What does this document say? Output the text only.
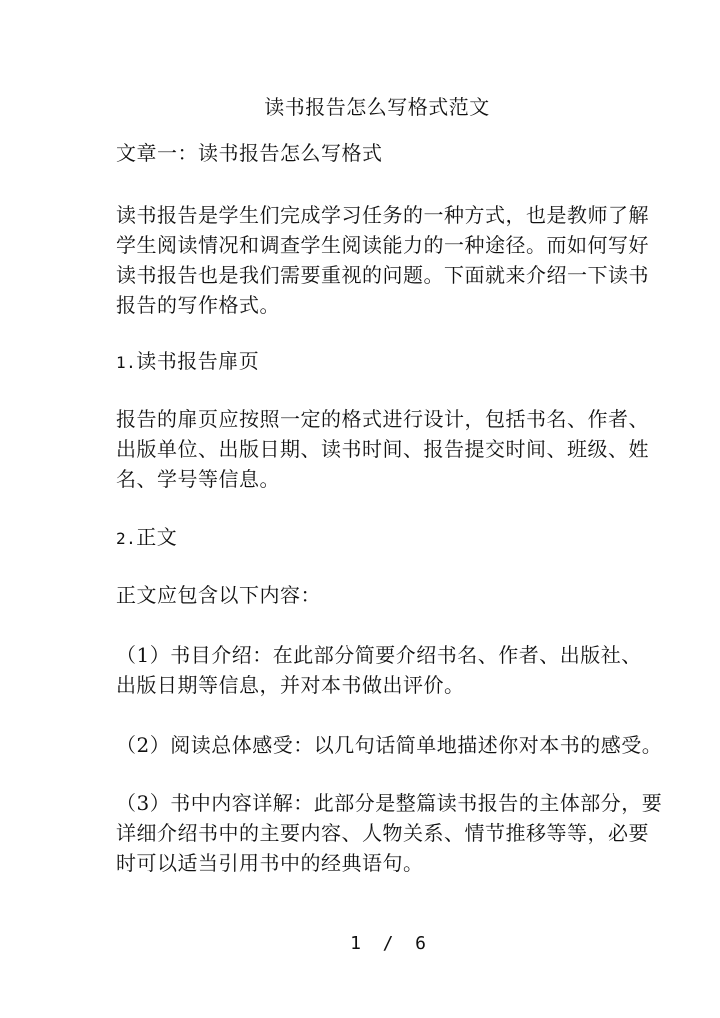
读书报告怎么写格式范文
文章一：读书报告怎么写格式
读书报告是学生们完成学习任务的一种方式，也是教师了解
学生阅读情况和调查学生阅读能力的一种途径。而如何写好
读书报告也是我们需要重视的问题。下面就来介绍一下读书
报告的写作格式。
1.读书报告扉页
报告的扉页应按照一定的格式进行设计，包括书名、作者、
出版单位、出版日期、读书时间、报告提交时间、班级、姓
名、学号等信息。
2.正文
正文应包含以下内容：
（1）书目介绍：在此部分简要介绍书名、作者、出版社、
出版日期等信息，并对本书做出评价。
（2）阅读总体感受：以几句话简单地描述你对本书的感受。
（3）书中内容详解：此部分是整篇读书报告的主体部分，要
详细介绍书中的主要内容、人物关系、情节推移等等，必要
时可以适当引用书中的经典语句。
1  /  6
